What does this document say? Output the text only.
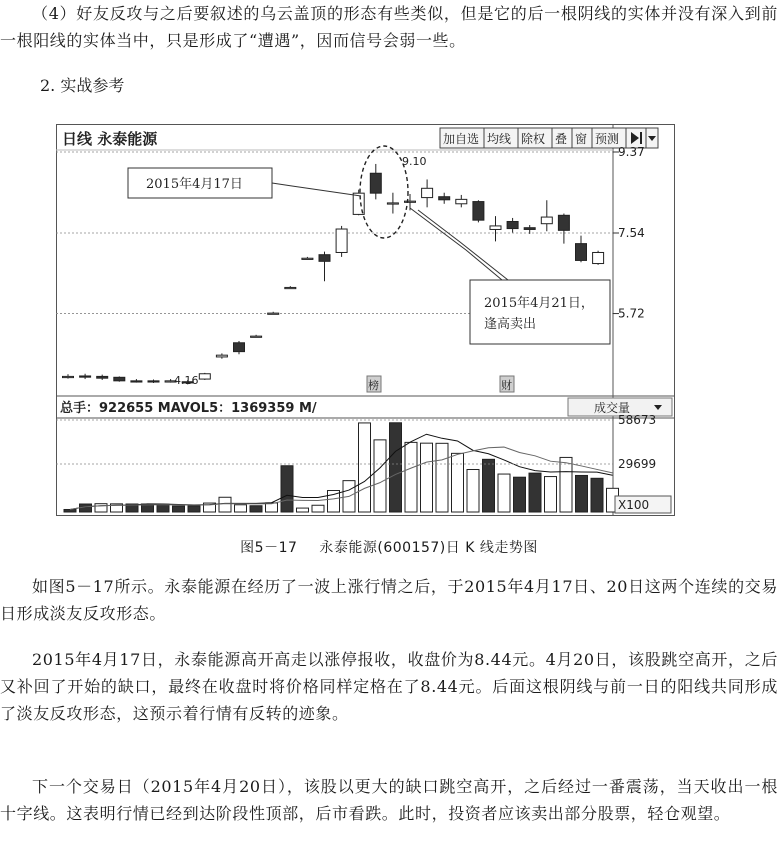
（4）好友反攻与之后要叙述的乌云盖顶的形态有些类似，但是它的后一根阴线的实体并没有深入到前一根阳线的实体当中，只是形成了“遭遇”，因而信号会弱一些。

2. 实战参考

日线 永泰能源	加自选 均线 除权 叠 窗 预测
9.37
7.54
5.72
9.10
4.16
2015年4月17日
2015年4月21日，
逢高卖出
榜	财
总手：922655 MAVOL5：1369359 M/	成交量
58673
29699
X100
图5－17 永泰能源(600157)日 K 线走势图

如图5－17所示。永泰能源在经历了一波上涨行情之后，于2015年4月17日、20日这两个连续的交易日形成淡友反攻形态。

2015年4月17日，永泰能源高开高走以涨停报收，收盘价为8.44元。4月20日，该股跳空高开，之后又补回了开始的缺口，最终在收盘时将价格同样定格在了8.44元。后面这根阴线与前一日的阳线共同形成了淡友反攻形态，这预示着行情有反转的迹象。

下一个交易日（2015年4月20日），该股以更大的缺口跳空高开，之后经过一番震荡，当天收出一根十字线。这表明行情已经到达阶段性顶部，后市看跌。此时，投资者应该卖出部分股票，轻仓观望。
